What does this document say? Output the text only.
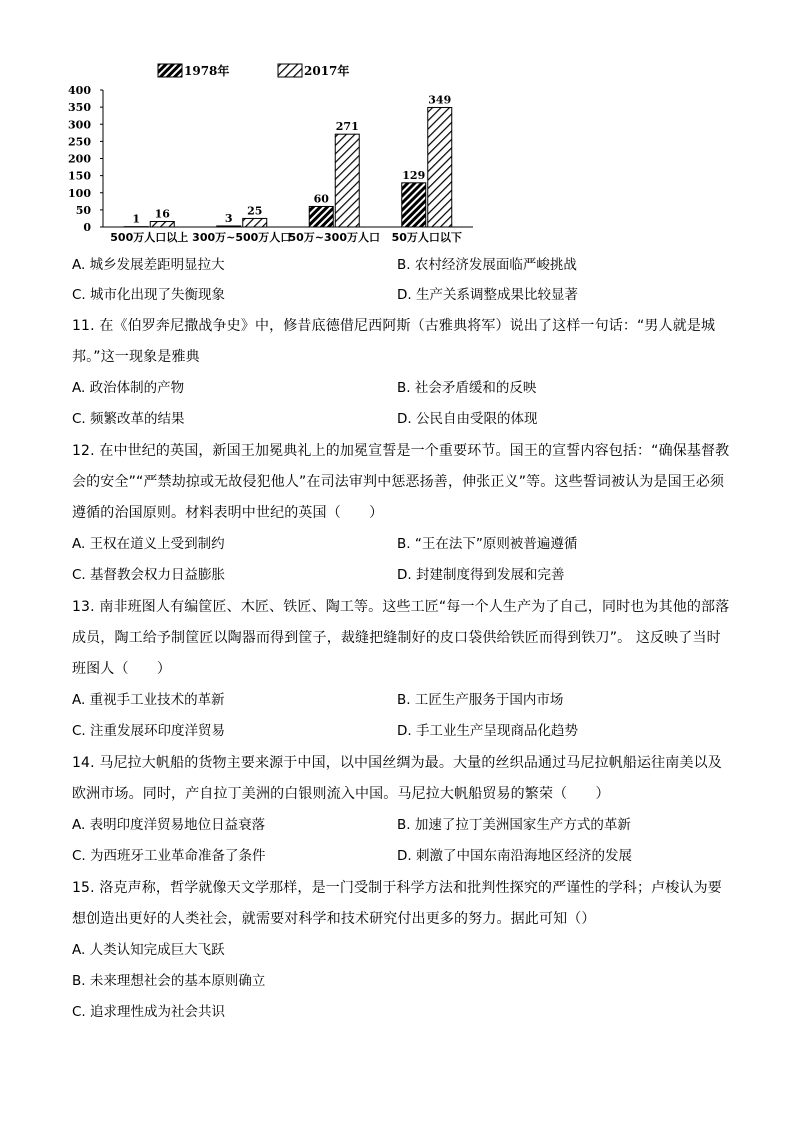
1978年	2017年
0
50
100
150
200
250
300
350
400
1 16	3
25
60
271
129
349
500万人口以上 300万~500万人口
50万~300万人口 50万人口以下
A. 城乡发展差距明显拉大	B. 农村经济发展面临严峻挑战
C. 城市化出现了失衡现象	D. 生产关系调整成果比较显著
11. 在《伯罗奔尼撒战争史》中，修昔底德借尼西阿斯（古雅典将军）说出了这样一句话：“男人就是城邦。”这一现象是雅典
A. 政治体制的产物	B. 社会矛盾缓和的反映
C. 频繁改革的结果	D. 公民自由受限的体现
12. 在中世纪的英国，新国王加冕典礼上的加冕宣誓是一个重要环节。国王的宣誓内容包括：“确保基督教会的安全”“严禁劫掠或无故侵犯他人”在司法审判中惩恶扬善，伸张正义”等。这些誓词被认为是国王必须遵循的治国原则。材料表明中世纪的英国（　　）
A. 王权在道义上受到制约	B. “王在法下”原则被普遍遵循
C. 基督教会权力日益膨胀	D. 封建制度得到发展和完善
13. 南非班图人有编筐匠、木匠、铁匠、陶工等。这些工匠“每一个人生产为了自己，同时也为其他的部落成员，陶工给予制筐匠以陶器而得到筐子，裁缝把缝制好的皮口袋供给铁匠而得到铁刀”。 这反映了当时班图人（　　）
A. 重视手工业技术的革新	B. 工匠生产服务于国内市场
C. 注重发展环印度洋贸易	D. 手工业生产呈现商品化趋势
14. 马尼拉大帆船的货物主要来源于中国，以中国丝绸为最。大量的丝织品通过马尼拉帆船运往南美以及欧洲市场。同时，产自拉丁美洲的白银则流入中国。马尼拉大帆船贸易的繁荣（　　）
A. 表明印度洋贸易地位日益衰落	B. 加速了拉丁美洲国家生产方式的革新
C. 为西班牙工业革命准备了条件	D. 刺激了中国东南沿海地区经济的发展
15. 洛克声称，哲学就像天文学那样，是一门受制于科学方法和批判性探究的严谨性的学科；卢梭认为要想创造出更好的人类社会，就需要对科学和技术研究付出更多的努力。据此可知（）
A. 人类认知完成巨大飞跃
B. 未来理想社会的基本原则确立
C. 追求理性成为社会共识
